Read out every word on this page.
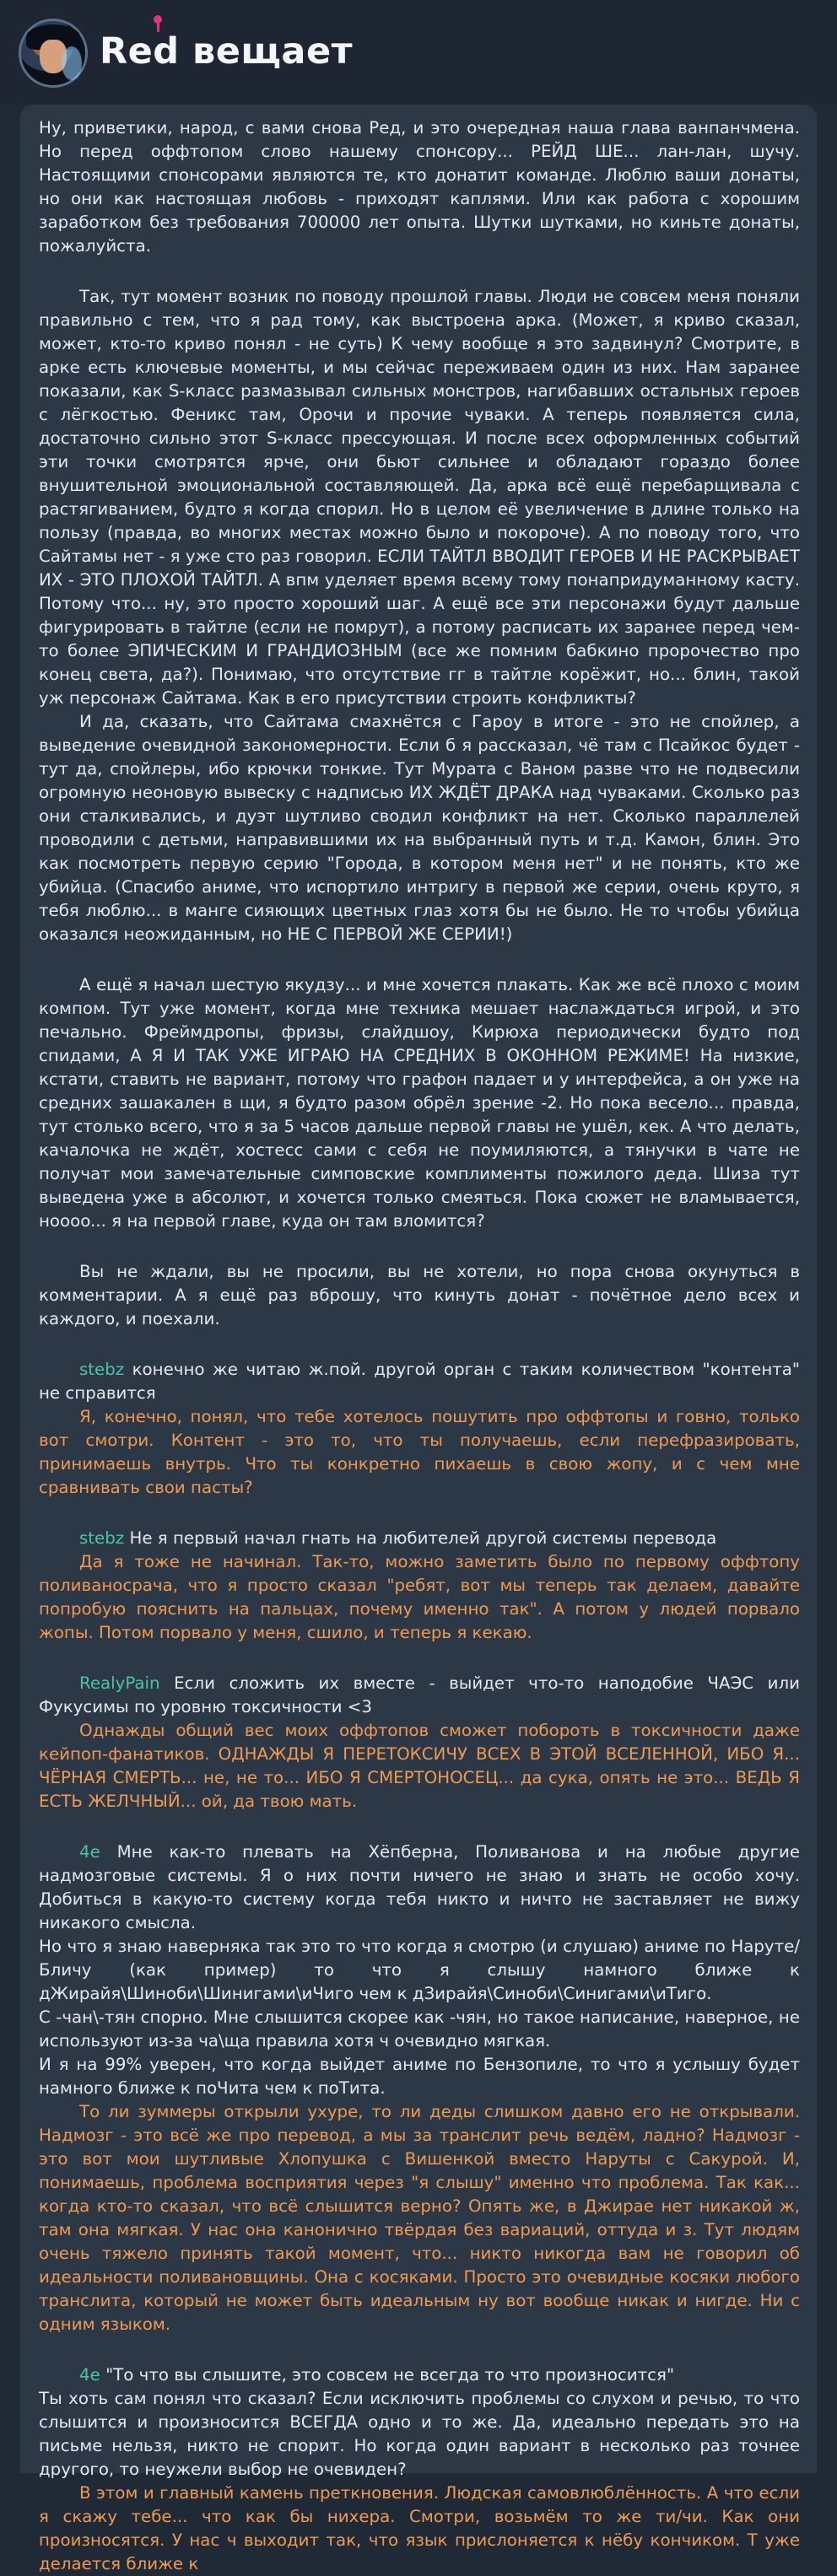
Red вещает

Ну, приветики, народ, с вами снова Ред, и это очередная наша глава ванпанчмена. Но перед оффтопом слово нашему спонсору... РЕЙД ШЕ... лан-лан, шучу. Настоящими спонсорами являются те, кто донатит команде. Люблю ваши донаты, но они как настоящая любовь - приходят каплями. Или как работа с хорошим заработком без требования 700000 лет опыта. Шутки шутками, но киньте донаты, пожалуйста.

Так, тут момент возник по поводу прошлой главы. Люди не совсем меня поняли правильно с тем, что я рад тому, как выстроена арка. (Может, я криво сказал, может, кто-то криво понял - не суть) К чему вообще я это задвинул? Смотрите, в арке есть ключевые моменты, и мы сейчас переживаем один из них. Нам заранее показали, как S-класс размазывал сильных монстров, нагибавших остальных героев с лёгкостью. Феникс там, Орочи и прочие чуваки. А теперь появляется сила, достаточно сильно этот S-класс прессующая. И после всех оформленных событий эти точки смотрятся ярче, они бьют сильнее и обладают гораздо более внушительной эмоциональной составляющей. Да, арка всё ещё перебарщивала с растягиванием, будто я когда спорил. Но в целом её увеличение в длине только на пользу (правда, во многих местах можно было и покороче). А по поводу того, что Сайтамы нет - я уже сто раз говорил. ЕСЛИ ТАЙТЛ ВВОДИТ ГЕРОЕВ И НЕ РАСКРЫВАЕТ ИХ - ЭТО ПЛОХОЙ ТАЙТЛ. А впм уделяет время всему тому понапридуманному касту. Потому что... ну, это просто хороший шаг. А ещё все эти персонажи будут дальше фигурировать в тайтле (если не помрут), а потому расписать их заранее перед чем-то более ЭПИЧЕСКИМ И ГРАНДИОЗНЫМ (все же помним бабкино пророчество про конец света, да?). Понимаю, что отсутствие гг в тайтле корёжит, но... блин, такой уж персонаж Сайтама. Как в его присутствии строить конфликты?

И да, сказать, что Сайтама смахнётся с Гароу в итоге - это не спойлер, а выведение очевидной закономерности. Если б я рассказал, чё там с Псайкос будет - тут да, спойлеры, ибо крючки тонкие. Тут Мурата с Ваном разве что не подвесили огромную неоновую вывеску с надписью ИХ ЖДЁТ ДРАКА над чуваками. Сколько раз они сталкивались, и дуэт шутливо сводил конфликт на нет. Сколько параллелей проводили с детьми, направившими их на выбранный путь и т.д. Камон, блин. Это как посмотреть первую серию "Города, в котором меня нет" и не понять, кто же убийца. (Спасибо аниме, что испортило интригу в первой же серии, очень круто, я тебя люблю... в манге сияющих цветных глаз хотя бы не было. Не то чтобы убийца оказался неожиданным, но НЕ С ПЕРВОЙ ЖЕ СЕРИИ!)

А ещё я начал шестую якудзу... и мне хочется плакать. Как же всё плохо с моим компом. Тут уже момент, когда мне техника мешает наслаждаться игрой, и это печально. Фреймдропы, фризы, слайдшоу, Кирюха периодически будто под спидами, А Я И ТАК УЖЕ ИГРАЮ НА СРЕДНИХ В ОКОННОМ РЕЖИМЕ! На низкие, кстати, ставить не вариант, потому что графон падает и у интерфейса, а он уже на средних зашакален в щи, я будто разом обрёл зрение -2. Но пока весело... правда, тут столько всего, что я за 5 часов дальше первой главы не ушёл, кек. А что делать, качалочка не ждёт, хостесс сами с себя не поумиляются, а тянучки в чате не получат мои замечательные симповские комплименты пожилого деда. Шиза тут выведена уже в абсолют, и хочется только смеяться. Пока сюжет не вламывается, нoooo... я на первой главе, куда он там вломится?

Вы не ждали, вы не просили, вы не хотели, но пора снова окунуться в комментарии. А я ещё раз вброшу, что кинуть донат - почётное дело всех и каждого, и поехали.

stebz конечно же читаю ж.пой. другой орган с таким количеством "контента" не справится

Я, конечно, понял, что тебе хотелось пошутить про оффтопы и говно, только вот смотри. Контент - это то, что ты получаешь, если перефразировать, принимаешь внутрь. Что ты конкретно пихаешь в свою жопу, и с чем мне сравнивать свои пасты?

stebz Не я первый начал гнать на любителей другой системы перевода

Да я тоже не начинал. Так-то, можно заметить было по первому оффтопу поливаносрача, что я просто сказал "ребят, вот мы теперь так делаем, давайте попробую пояснить на пальцах, почему именно так". А потом у людей порвало жопы. Потом порвало у меня, сшило, и теперь я кекаю.

RealyPain Если сложить их вместе - выйдет что-то наподобие ЧАЭС или Фукусимы по уровню токсичности <3

Однажды общий вес моих оффтопов сможет побороть в токсичности даже кейпоп-фанатиков. ОДНАЖДЫ Я ПЕРЕТОКСИЧУ ВСЕХ В ЭТОЙ ВСЕЛЕННОЙ, ИБО Я... ЧЁРНАЯ СМЕРТЬ... не, не то... ИБО Я СМЕРТОНОСЕЦ... да сука, опять не это... ВЕДЬ Я ЕСТЬ ЖЕЛЧНЫЙ... ой, да твою мать.

4e Мне как-то плевать на Хёпберна, Поливанова и на любые другие надмозговые системы. Я о них почти ничего не знаю и знать не особо хочу. Добиться в какую-то систему когда тебя никто и ничто не заставляет не вижу никакого смысла.

Но что я знаю наверняка так это то что когда я смотрю (и слушаю) аниме по Наруте/Бличу (как пример) то что я слышу намного ближе к дЖирайя\Шиноби\Шинигами\иЧиго чем к дЗирайя\Синоби\Синигами\иТиго.

С -чан\-тян спорно. Мне слышится скорее как -чян, но такое написание, наверное, не используют из-за ча\ща правила хотя ч очевидно мягкая.

И я на 99% уверен, что когда выйдет аниме по Бензопиле, то что я услышу будет намного ближе к поЧита чем к поТита.

То ли зуммеры открыли ухуре, то ли деды слишком давно его не открывали. Надмозг - это всё же про перевод, а мы за транслит речь ведём, ладно? Надмозг - это вот мои шутливые Хлопушка с Вишенкой вместо Наруты с Сакурой. И, понимаешь, проблема восприятия через "я слышу" именно что проблема. Так как... когда кто-то сказал, что всё слышится верно? Опять же, в Джирае нет никакой ж, там она мягкая. У нас она канонично твёрдая без вариаций, оттуда и з. Тут людям очень тяжело принять такой момент, что... никто никогда вам не говорил об идеальности поливановщины. Она с косяками. Просто это очевидные косяки любого транслита, который не может быть идеальным ну вот вообще никак и нигде. Ни с одним языком.

4e "То что вы слышите, это совсем не всегда то что произносится"

Ты хоть сам понял что сказал? Если исключить проблемы со слухом и речью, то что слышится и произносится ВСЕГДА одно и то же. Да, идеально передать это на письме нельзя, никто не спорит. Но когда один вариант в несколько раз точнее другого, то неужели выбор не очевиден?

В этом и главный камень преткновения. Людская самовлюблённость. А что если я скажу тебе... что как бы нихера. Смотри, возьмём то же ти/чи. Как они произносятся. У нас ч выходит так, что язык прислоняется к нёбу кончиком. Т уже делается ближе к
